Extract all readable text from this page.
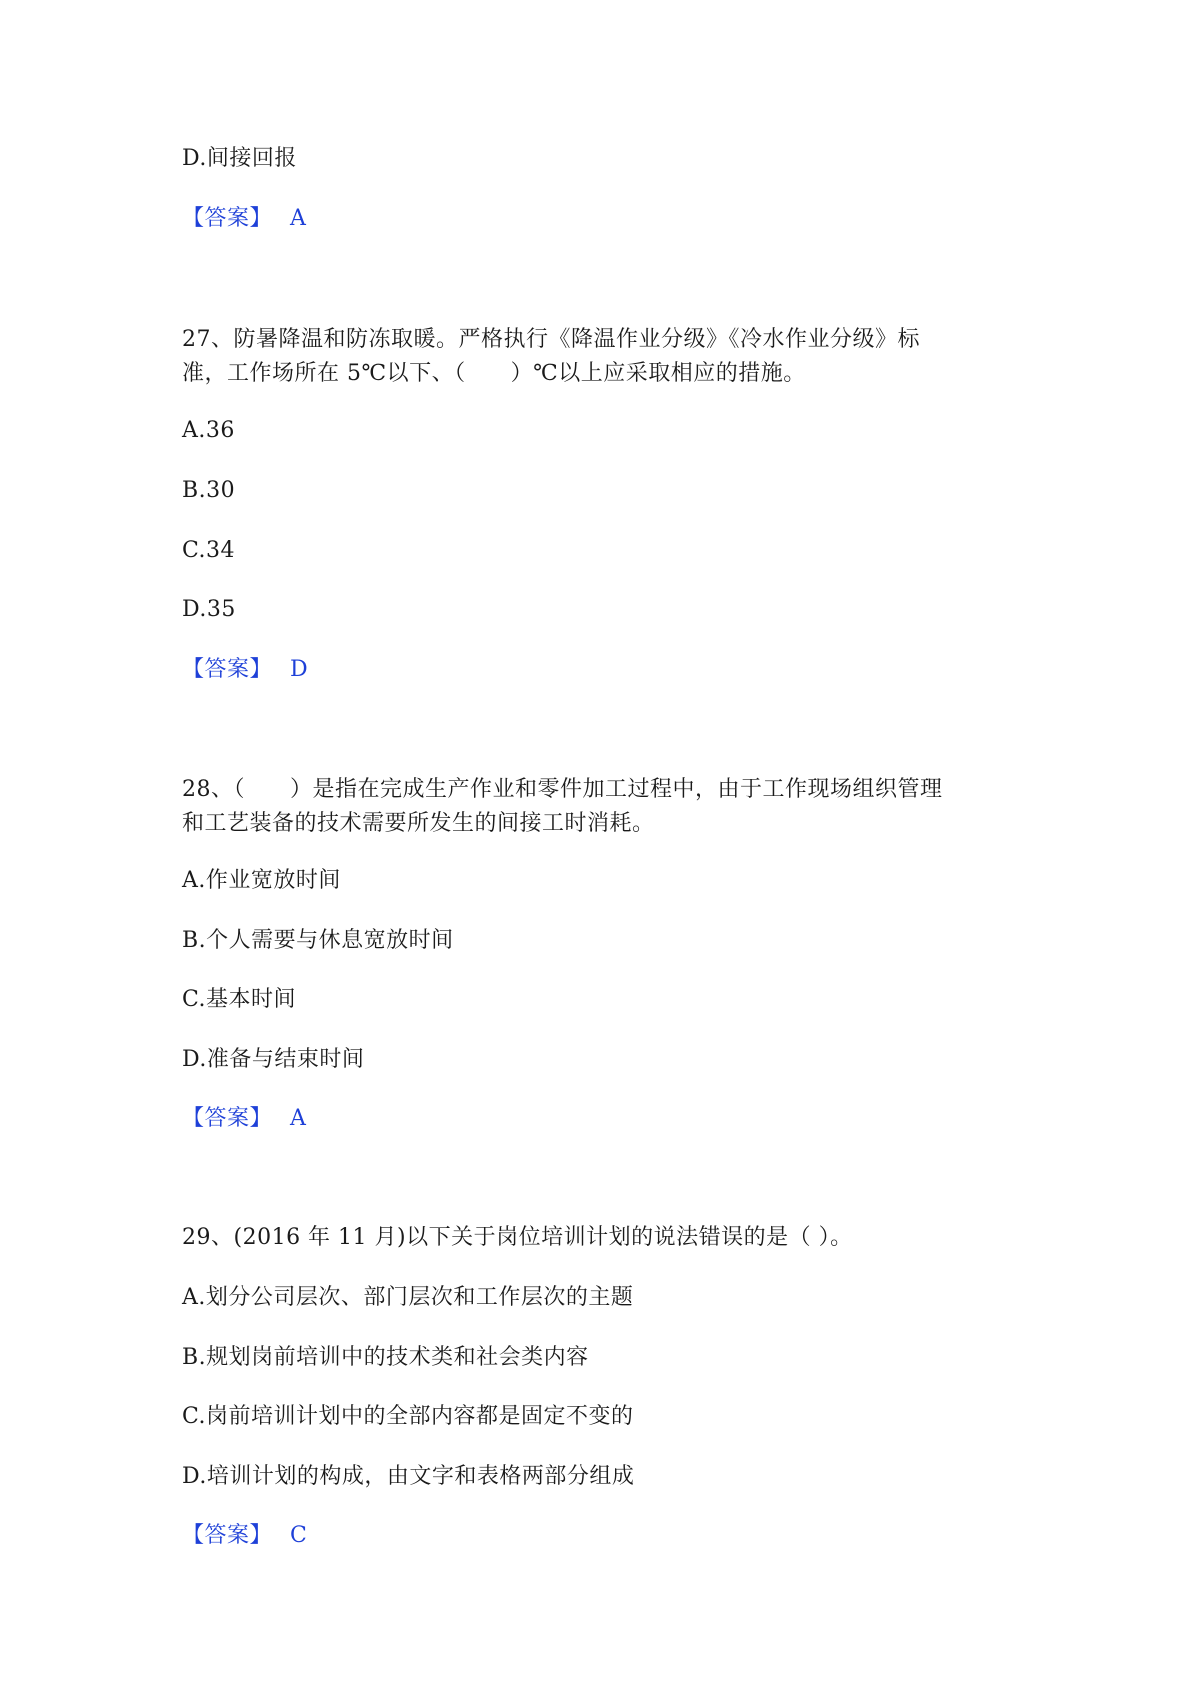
D.间接回报
【答案】 A
27、防暑降温和防冻取暖。严格执行《降温作业分级》《冷水作业分级》标
准，工作场所在 5℃以下、（　　）℃以上应采取相应的措施。
A.36
B.30
C.34
D.35
【答案】 D
28、（　　）是指在完成生产作业和零件加工过程中，由于工作现场组织管理
和工艺装备的技术需要所发生的间接工时消耗。
A.作业宽放时间
B.个人需要与休息宽放时间
C.基本时间
D.准备与结束时间
【答案】 A
29、(2016 年 11 月)以下关于岗位培训计划的说法错误的是（ ）。
A.划分公司层次、部门层次和工作层次的主题
B.规划岗前培训中的技术类和社会类内容
C.岗前培训计划中的全部内容都是固定不变的
D.培训计划的构成，由文字和表格两部分组成
【答案】 C
